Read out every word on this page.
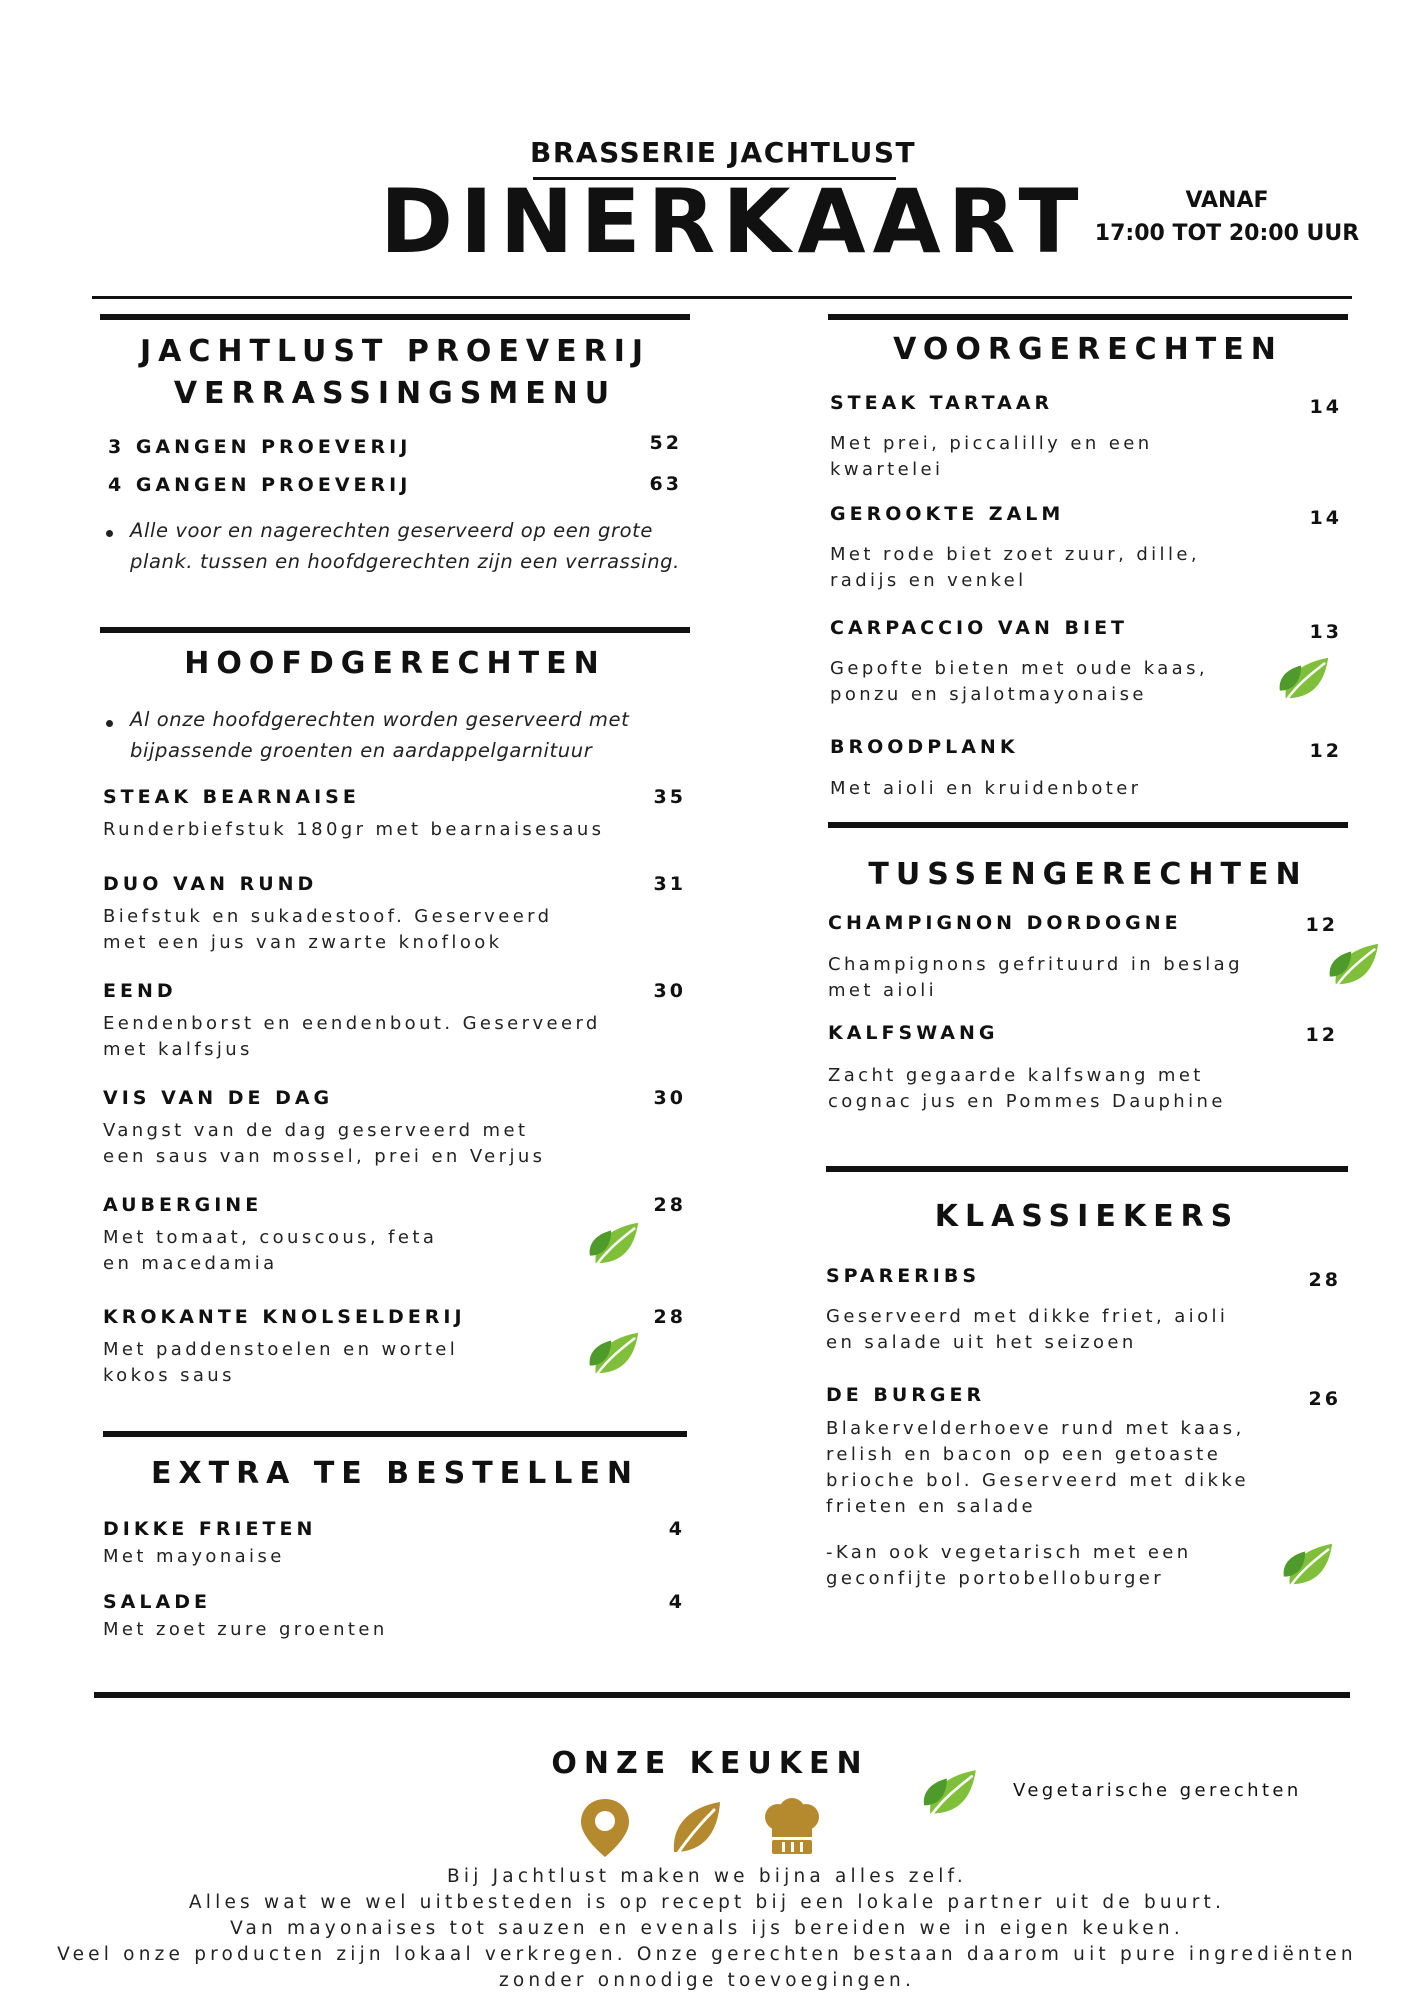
BRASSERIE JACHTLUST
DINERKAART	VANAF
17:00 TOT 20:00 UUR
JACHTLUST PROEVERIJ
VERRASSINGSMENU
3 GANGEN PROEVERIJ	52
4 GANGEN PROEVERIJ	63
Alle voor en nagerechten geserveerd op een grote
plank. tussen en hoofdgerechten zijn een verrassing.
HOOFDGERECHTEN
Al onze hoofdgerechten worden geserveerd met
bijpassende groenten en aardappelgarnituur
STEAK BEARNAISE	35
Runderbiefstuk 180gr met bearnaisesaus
DUO VAN RUND	31
Biefstuk en sukadestoof. Geserveerd
met een jus van zwarte knoflook
EEND	30
Eendenborst en eendenbout. Geserveerd
met kalfsjus
VIS VAN DE DAG	30
Vangst van de dag geserveerd met
een saus van mossel, prei en Verjus
AUBERGINE	28
Met tomaat, couscous, feta
en macedamia
KROKANTE KNOLSELDERIJ	28
Met paddenstoelen en wortel
kokos saus
EXTRA TE BESTELLEN
DIKKE FRIETEN	4
Met mayonaise
SALADE	4
Met zoet zure groenten
VOORGERECHTEN
STEAK TARTAAR	14
Met prei, piccalilly en een
kwartelei
GEROOKTE ZALM	14
Met rode biet zoet zuur, dille,
radijs en venkel
CARPACCIO VAN BIET	13
Gepofte bieten met oude kaas,
ponzu en sjalotmayonaise
BROODPLANK	12
Met aioli en kruidenboter
TUSSENGERECHTEN
CHAMPIGNON DORDOGNE	12
Champignons gefrituurd in beslag
met aioli
KALFSWANG	12
Zacht gegaarde kalfswang met
cognac jus en Pommes Dauphine
KLASSIEKERS
SPARERIBS	28
Geserveerd met dikke friet, aioli
en salade uit het seizoen
DE BURGER	26
Blakervelderhoeve rund met kaas,
relish en bacon op een getoaste
brioche bol. Geserveerd met dikke
frieten en salade
-Kan ook vegetarisch met een
geconfijte portobelloburger
ONZE KEUKEN
Vegetarische gerechten
Bij Jachtlust maken we bijna alles zelf.
Alles wat we wel uitbesteden is op recept bij een lokale partner uit de buurt.
Van mayonaises tot sauzen en evenals ijs bereiden we in eigen keuken.
Veel onze producten zijn lokaal verkregen. Onze gerechten bestaan daarom uit pure ingrediënten
zonder onnodige toevoegingen.
